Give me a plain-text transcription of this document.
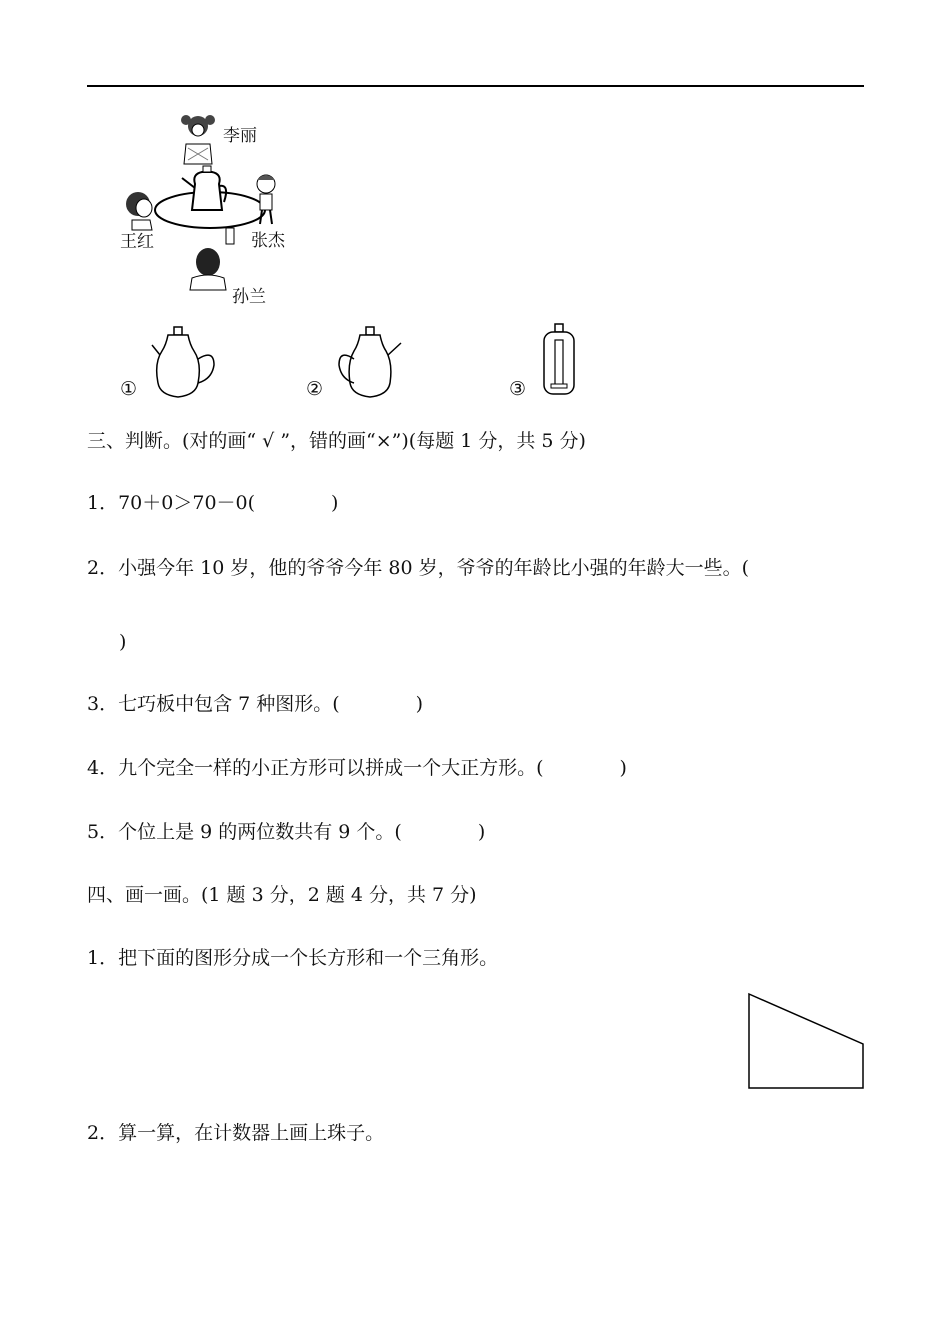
李丽
王红	张杰
孙兰
①	②	③
三、判断。(对的画“ √ ”，错的画“×”)(每题 1 分，共 5 分)
1．70＋0＞70－0(　　　　)
2．小强今年 10 岁，他的爷爷今年 80 岁，爷爷的年龄比小强的年龄大一些。(
)
3．七巧板中包含 7 种图形。(　　　　)
4．九个完全一样的小正方形可以拼成一个大正方形。(　　　　)
5．个位上是 9 的两位数共有 9 个。(　　　　)
四、画一画。(1 题 3 分，2 题 4 分，共 7 分)
1．把下面的图形分成一个长方形和一个三角形。
2．算一算，在计数器上画上珠子。
